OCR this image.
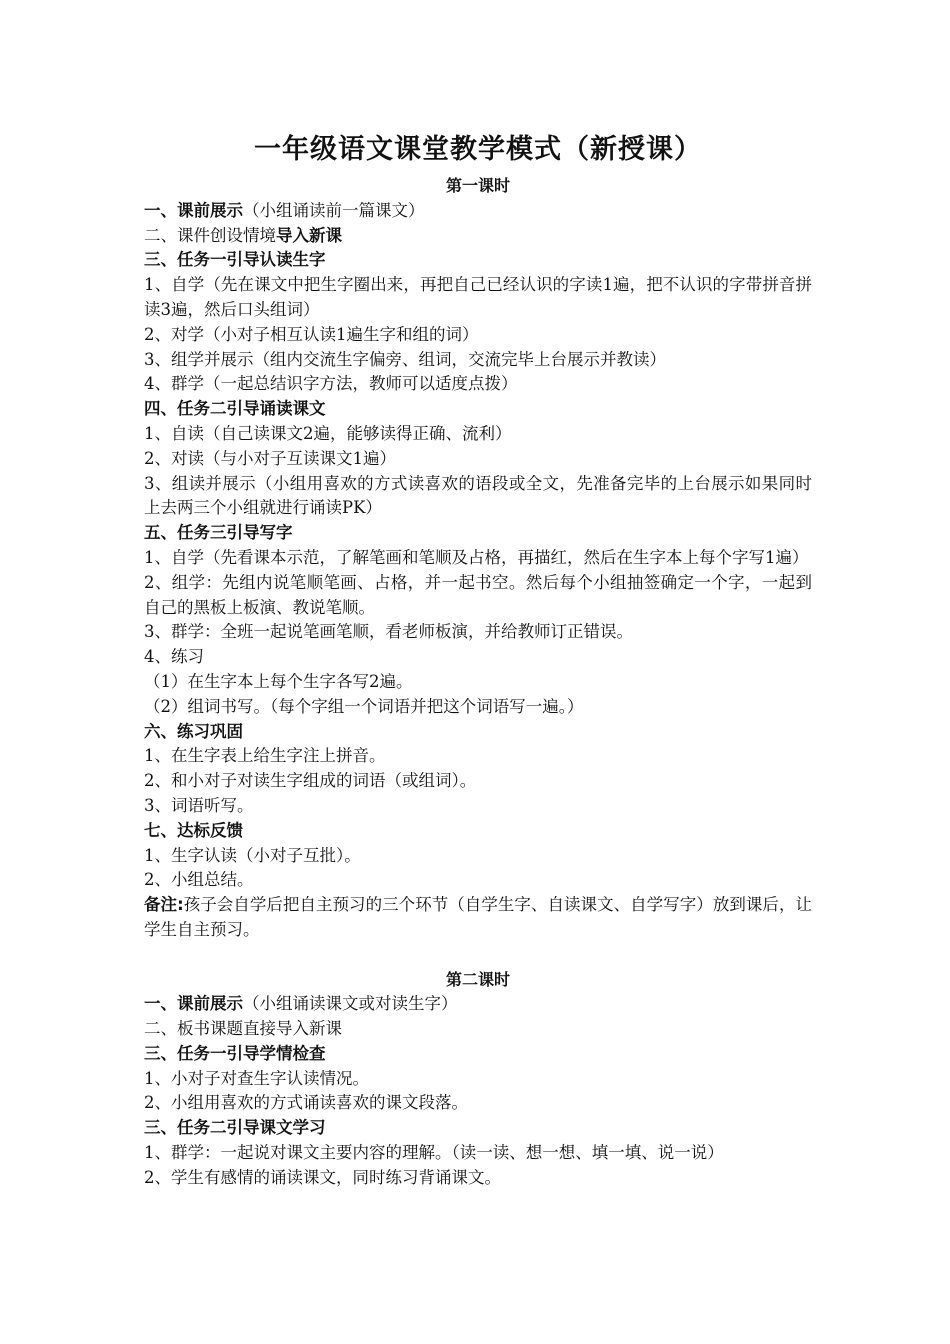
一年级语文课堂教学模式（新授课）

第一课时

一、课前展示（小组诵读前一篇课文）

二、课件创设情境导入新课

三、任务一引导认读生字

1、自学（先在课文中把生字圈出来，再把自己已经认识的字读1遍，把不认识的字带拼音拼读3遍，然后口头组词）

2、对学（小对子相互认读1遍生字和组的词）

3、组学并展示（组内交流生字偏旁、组词，交流完毕上台展示并教读）

4、群学（一起总结识字方法，教师可以适度点拨）

四、任务二引导诵读课文

1、自读（自己读课文2遍，能够读得正确、流利）

2、对读（与小对子互读课文1遍）

3、组读并展示（小组用喜欢的方式读喜欢的语段或全文，先准备完毕的上台展示如果同时上去两三个小组就进行诵读PK）

五、任务三引导写字

1、自学（先看课本示范，了解笔画和笔顺及占格，再描红，然后在生字本上每个字写1遍）

2、组学：先组内说笔顺笔画、占格，并一起书空。然后每个小组抽签确定一个字，一起到自己的黑板上板演、教说笔顺。

3、群学：全班一起说笔画笔顺，看老师板演，并给教师订正错误。

4、练习

（1）在生字本上每个生字各写2遍。

（2）组词书写。（每个字组一个词语并把这个词语写一遍。）

六、练习巩固

1、在生字表上给生字注上拼音。

2、和小对子对读生字组成的词语（或组词）。

3、词语听写。

七、达标反馈

1、生字认读（小对子互批）。

2、小组总结。

备注:孩子会自学后把自主预习的三个环节（自学生字、自读课文、自学写字）放到课后，让学生自主预习。

第二课时

一、课前展示（小组诵读课文或对读生字）

二、板书课题直接导入新课

三、任务一引导学情检查

1、小对子对查生字认读情况。

2、小组用喜欢的方式诵读喜欢的课文段落。

三、任务二引导课文学习

1、群学：一起说对课文主要内容的理解。（读一读、想一想、填一填、说一说）

2、学生有感情的诵读课文，同时练习背诵课文。
